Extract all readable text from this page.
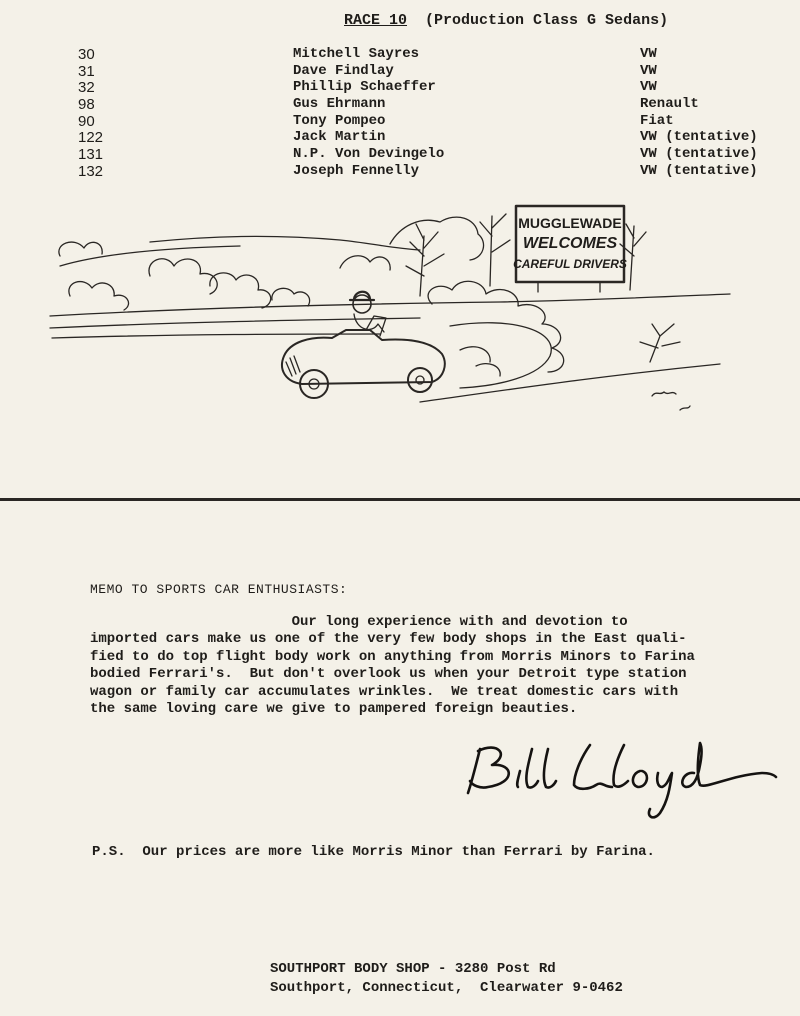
RACE 10 (Production Class G Sedans)
30	Mitchell Sayres	VW
31	Dave Findlay	VW
32	Phillip Schaeffer	VW
98	Gus Ehrmann	Renault
90	Tony Pompeo	Fiat
122	Jack Martin	VW (tentative)
131	N.P. Von Devingelo	VW (tentative)
132	Joseph Fennelly	VW (tentative)
MUGGLEWADE
WELCOMES
CAREFUL DRIVERS
MEMO TO SPORTS CAR ENTHUSIASTS:

Our long experience with and devotion to

imported cars make us one of the very few body shops in the East quali-

fied to do top flight body work on anything from Morris Minors to Farina

bodied Ferrari's.  But don't overlook us when your Detroit type station

wagon or family car accumulates wrinkles.  We treat domestic cars with

the same loving care we give to pampered foreign beauties.

P.S.  Our prices are more like Morris Minor than Ferrari by Farina.
SOUTHPORT BODY SHOP - 3280 Post Rd
Southport, Connecticut,  Clearwater 9-0462
